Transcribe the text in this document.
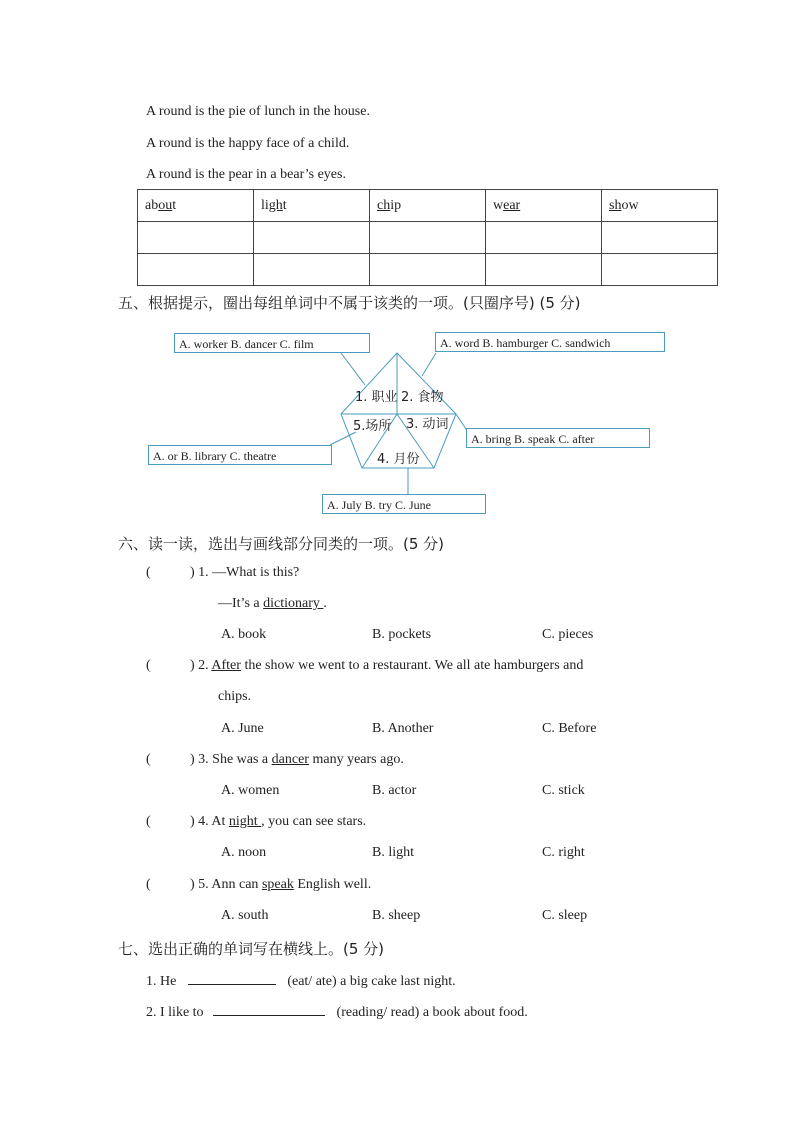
A round is the pie of lunch in the house.
A round is the happy face of a child.
A round is the pear in a bear’s eyes.
about	light	chip	wear	show

五、根据提示，圈出每组单词中不属于该类的一项。(只圈序号) (5 分)
1. 职业 2. 食物
3. 动词
4. 月份
5.场所
A. worker B. dancer C. film	A. word B. hamburger C. sandwich
A. bring B. speak C. after
A. July B. try C. June
A. or B. library C. theatre
六、读一读，选出与画线部分同类的一项。(5 分)
(	) 1. —What is this?
—It’s a dictionary .
A. book	B. pockets	C. pieces
(	) 2. After the show we went to a restaurant. We all ate hamburgers and
chips.
A. June	B. Another	C. Before
(	) 3. She was a dancer many years ago.
A. women	B. actor	C. stick
(	) 4. At night , you can see stars.
A. noon	B. light	C. right
(	) 5. Ann can speak English well.
A. south	B. sheep	C. sleep
七、选出正确的单词写在横线上。(5 分)
1. He	(eat/ ate) a big cake last night.
2. I like to	(reading/ read) a book about food.
